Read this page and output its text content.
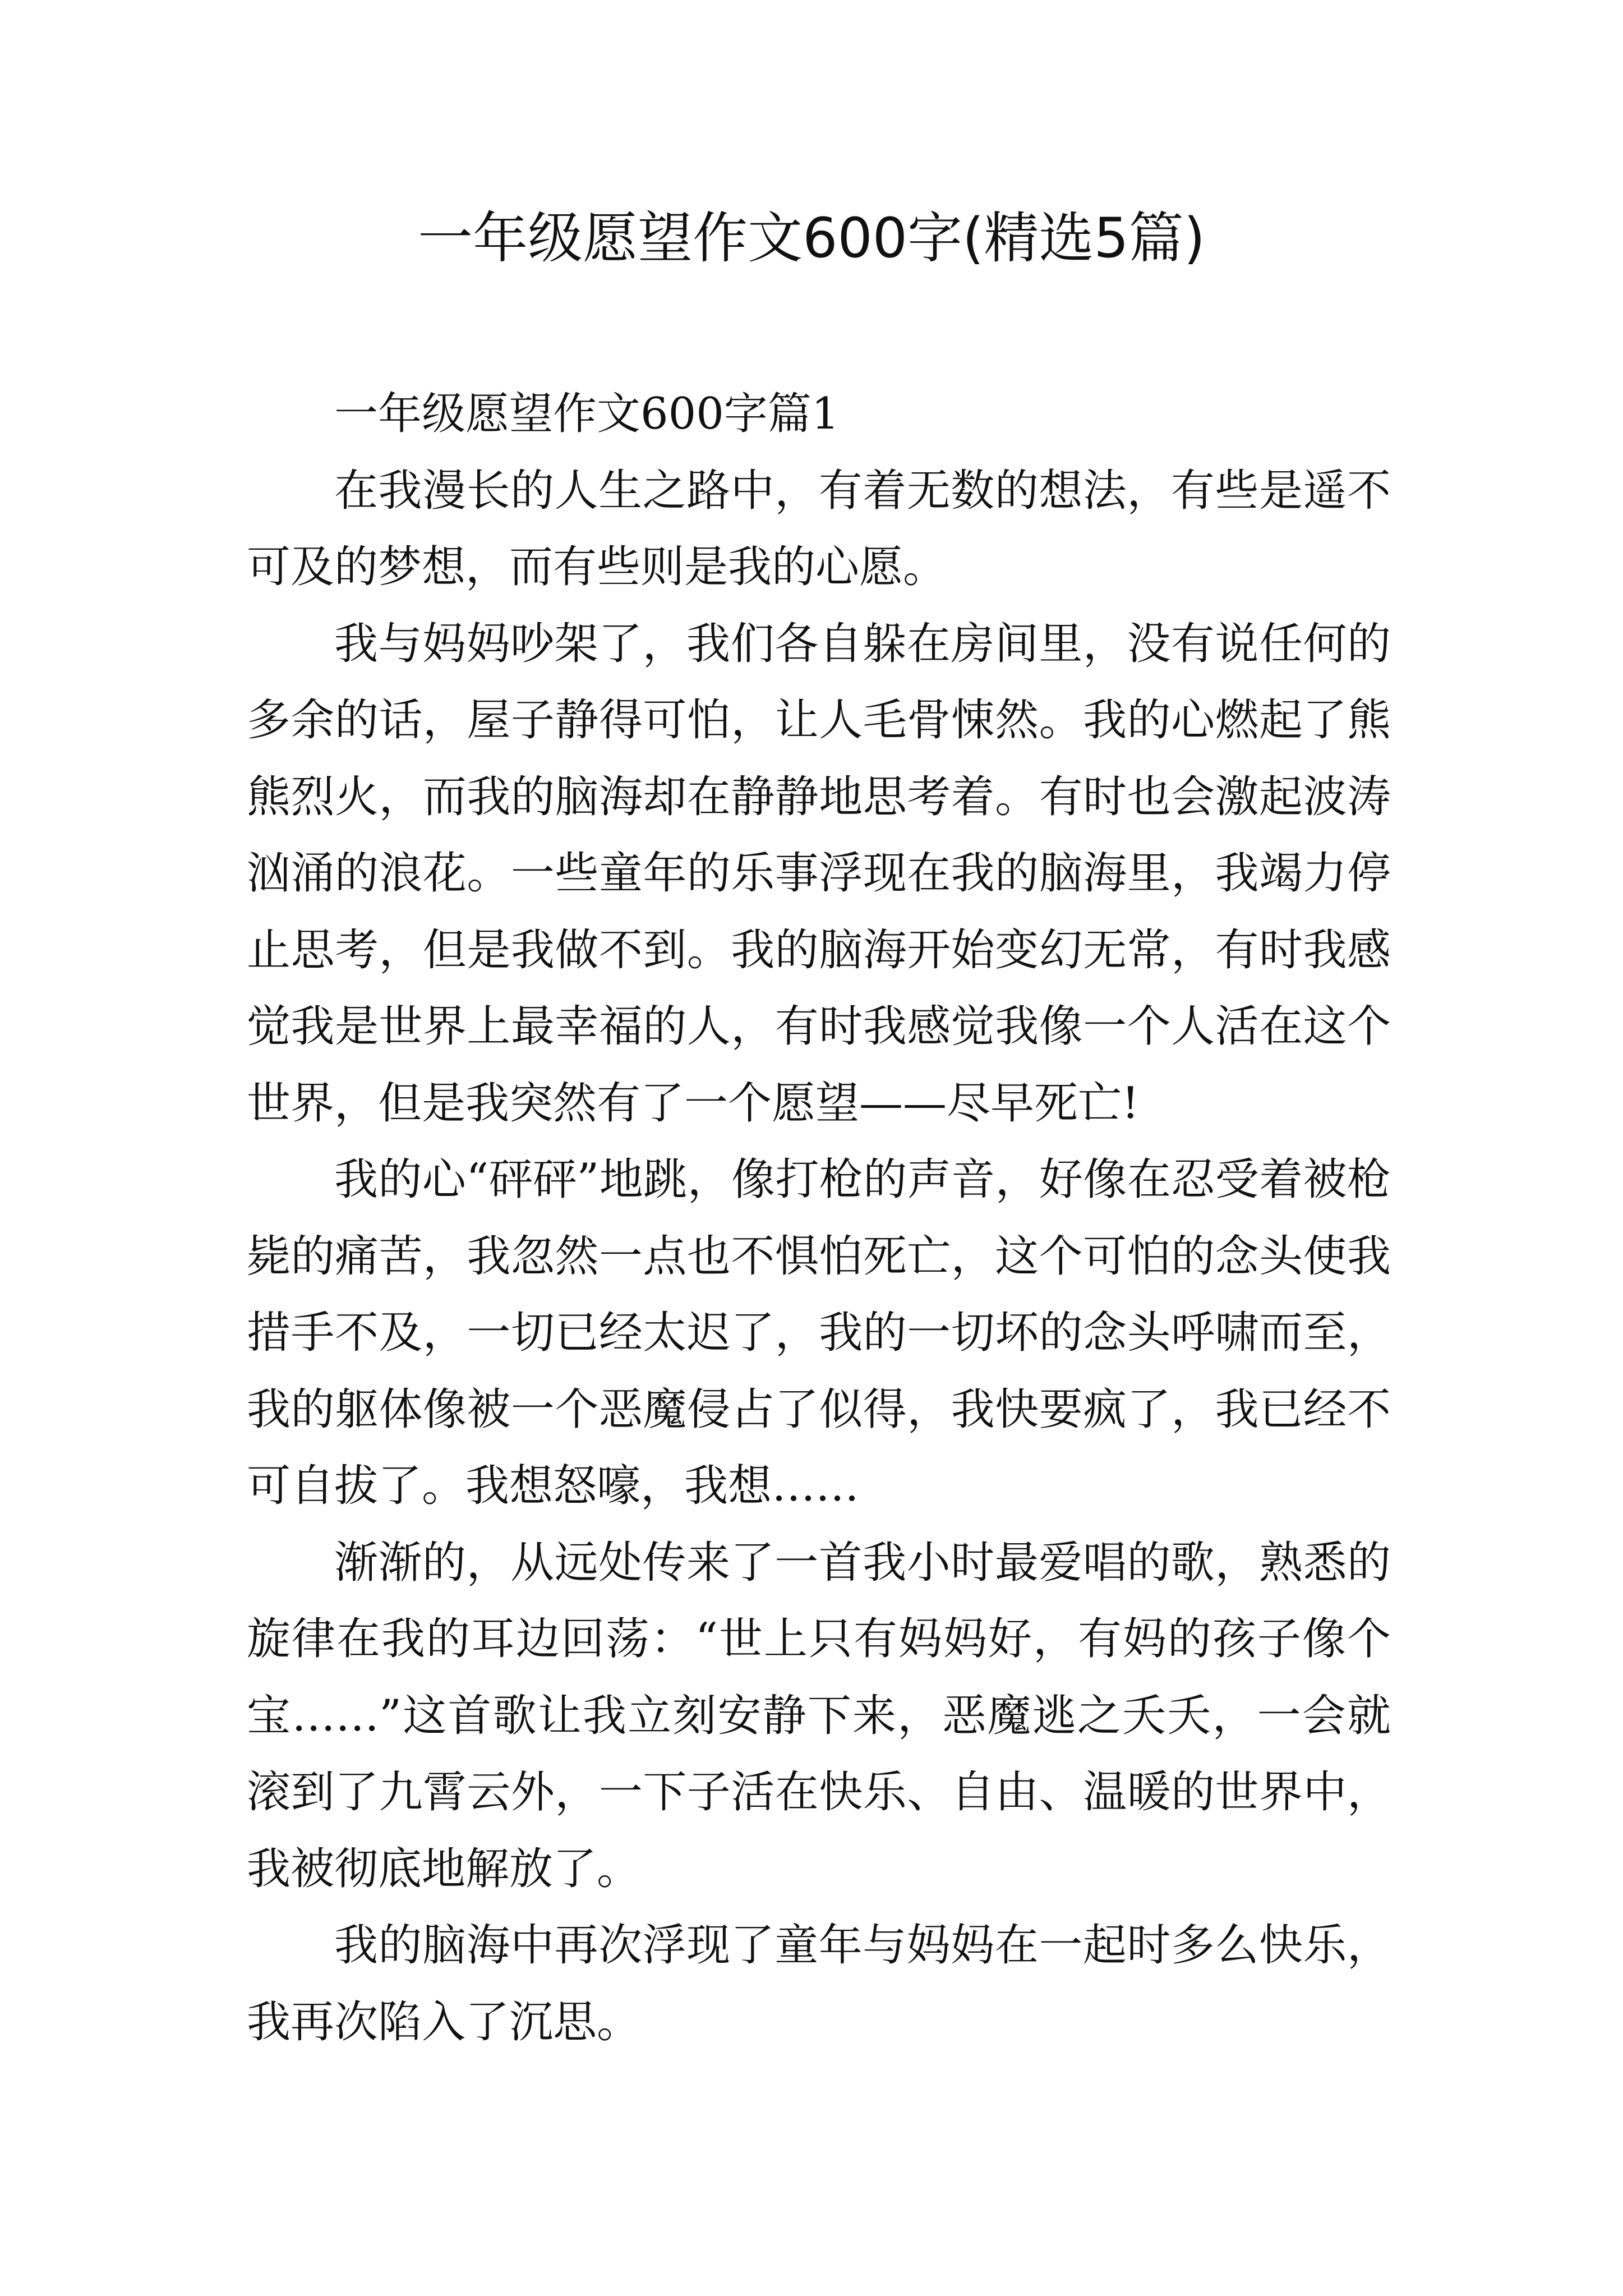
一年级愿望作文600字(精选5篇)

一年级愿望作文600字篇1

在我漫长的人生之路中，有着无数的想法，有些是遥不可及的梦想，而有些则是我的心愿。

我与妈妈吵架了，我们各自躲在房间里，没有说任何的多余的话，屋子静得可怕，让人毛骨悚然。我的心燃起了熊熊烈火，而我的脑海却在静静地思考着。有时也会激起波涛汹涌的浪花。一些童年的乐事浮现在我的脑海里，我竭力停止思考，但是我做不到。我的脑海开始变幻无常，有时我感觉我是世界上最幸福的人，有时我感觉我像一个人活在这个世界，但是我突然有了一个愿望——尽早死亡!

我的心“砰砰”地跳，像打枪的声音，好像在忍受着被枪毙的痛苦，我忽然一点也不惧怕死亡，这个可怕的念头使我措手不及，一切已经太迟了，我的一切坏的念头呼啸而至，我的躯体像被一个恶魔侵占了似得，我快要疯了，我已经不可自拔了。我想怒嚎，我想……

渐渐的，从远处传来了一首我小时最爱唱的歌，熟悉的旋律在我的耳边回荡：“世上只有妈妈好，有妈的孩子像个宝……”这首歌让我立刻安静下来，恶魔逃之夭夭，一会就滚到了九霄云外，一下子活在快乐、自由、温暖的世界中，我被彻底地解放了。

我的脑海中再次浮现了童年与妈妈在一起时多么快乐，我再次陷入了沉思。
